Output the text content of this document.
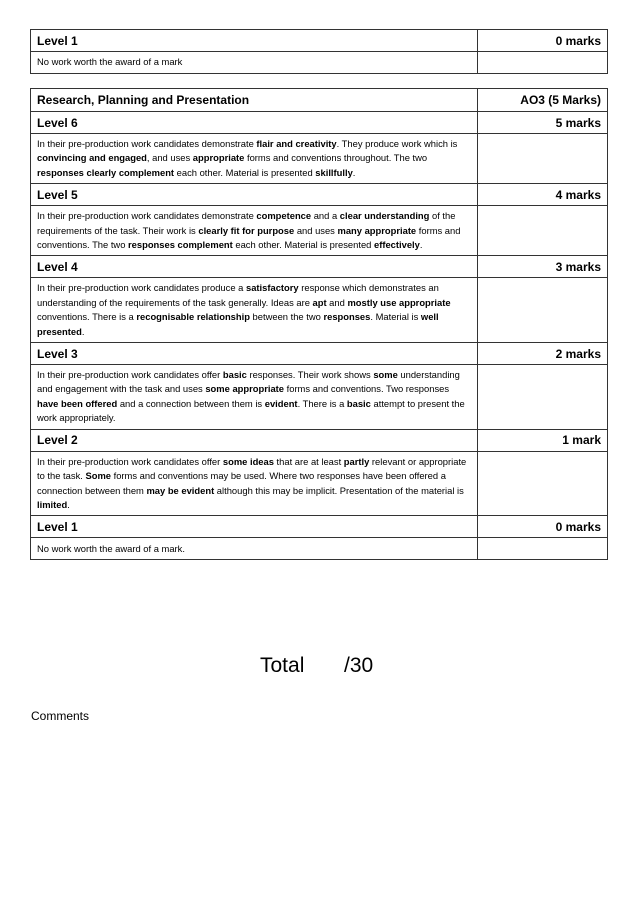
Level 1	0 marks
No work worth the award of a mark	
Research, Planning and Presentation	AO3 (5 Marks)
Level 6	5 marks
In their pre-production work candidates demonstrate flair and creativity. They produce work which is convincing and engaged, and uses appropriate forms and conventions throughout. The two responses clearly complement each other. Material is presented skillfully.	
Level 5	4 marks
In their pre-production work candidates demonstrate competence and a clear understanding of the requirements of the task. Their work is clearly fit for purpose and uses many appropriate forms and conventions. The two responses complement each other. Material is presented effectively.	
Level 4	3 marks
In their pre-production work candidates produce a satisfactory response which demonstrates an understanding of the requirements of the task generally. Ideas are apt and mostly use appropriate conventions. There is a recognisable relationship between the two responses. Material is well presented.	
Level 3	2 marks
In their pre-production work candidates offer basic responses. Their work shows some understanding and engagement with the task and uses some appropriate forms and conventions. Two responses have been offered and a connection between them is evident. There is a basic attempt to present the work appropriately.	
Level 2	1 mark
In their pre-production work candidates offer some ideas that are at least partly relevant or appropriate to the task. Some forms and conventions may be used. Where two responses have been offered a connection between them may be evident although this may be implicit. Presentation of the material is limited.	
Level 1	0 marks
No work worth the award of a mark.	
Total /30
Comments
